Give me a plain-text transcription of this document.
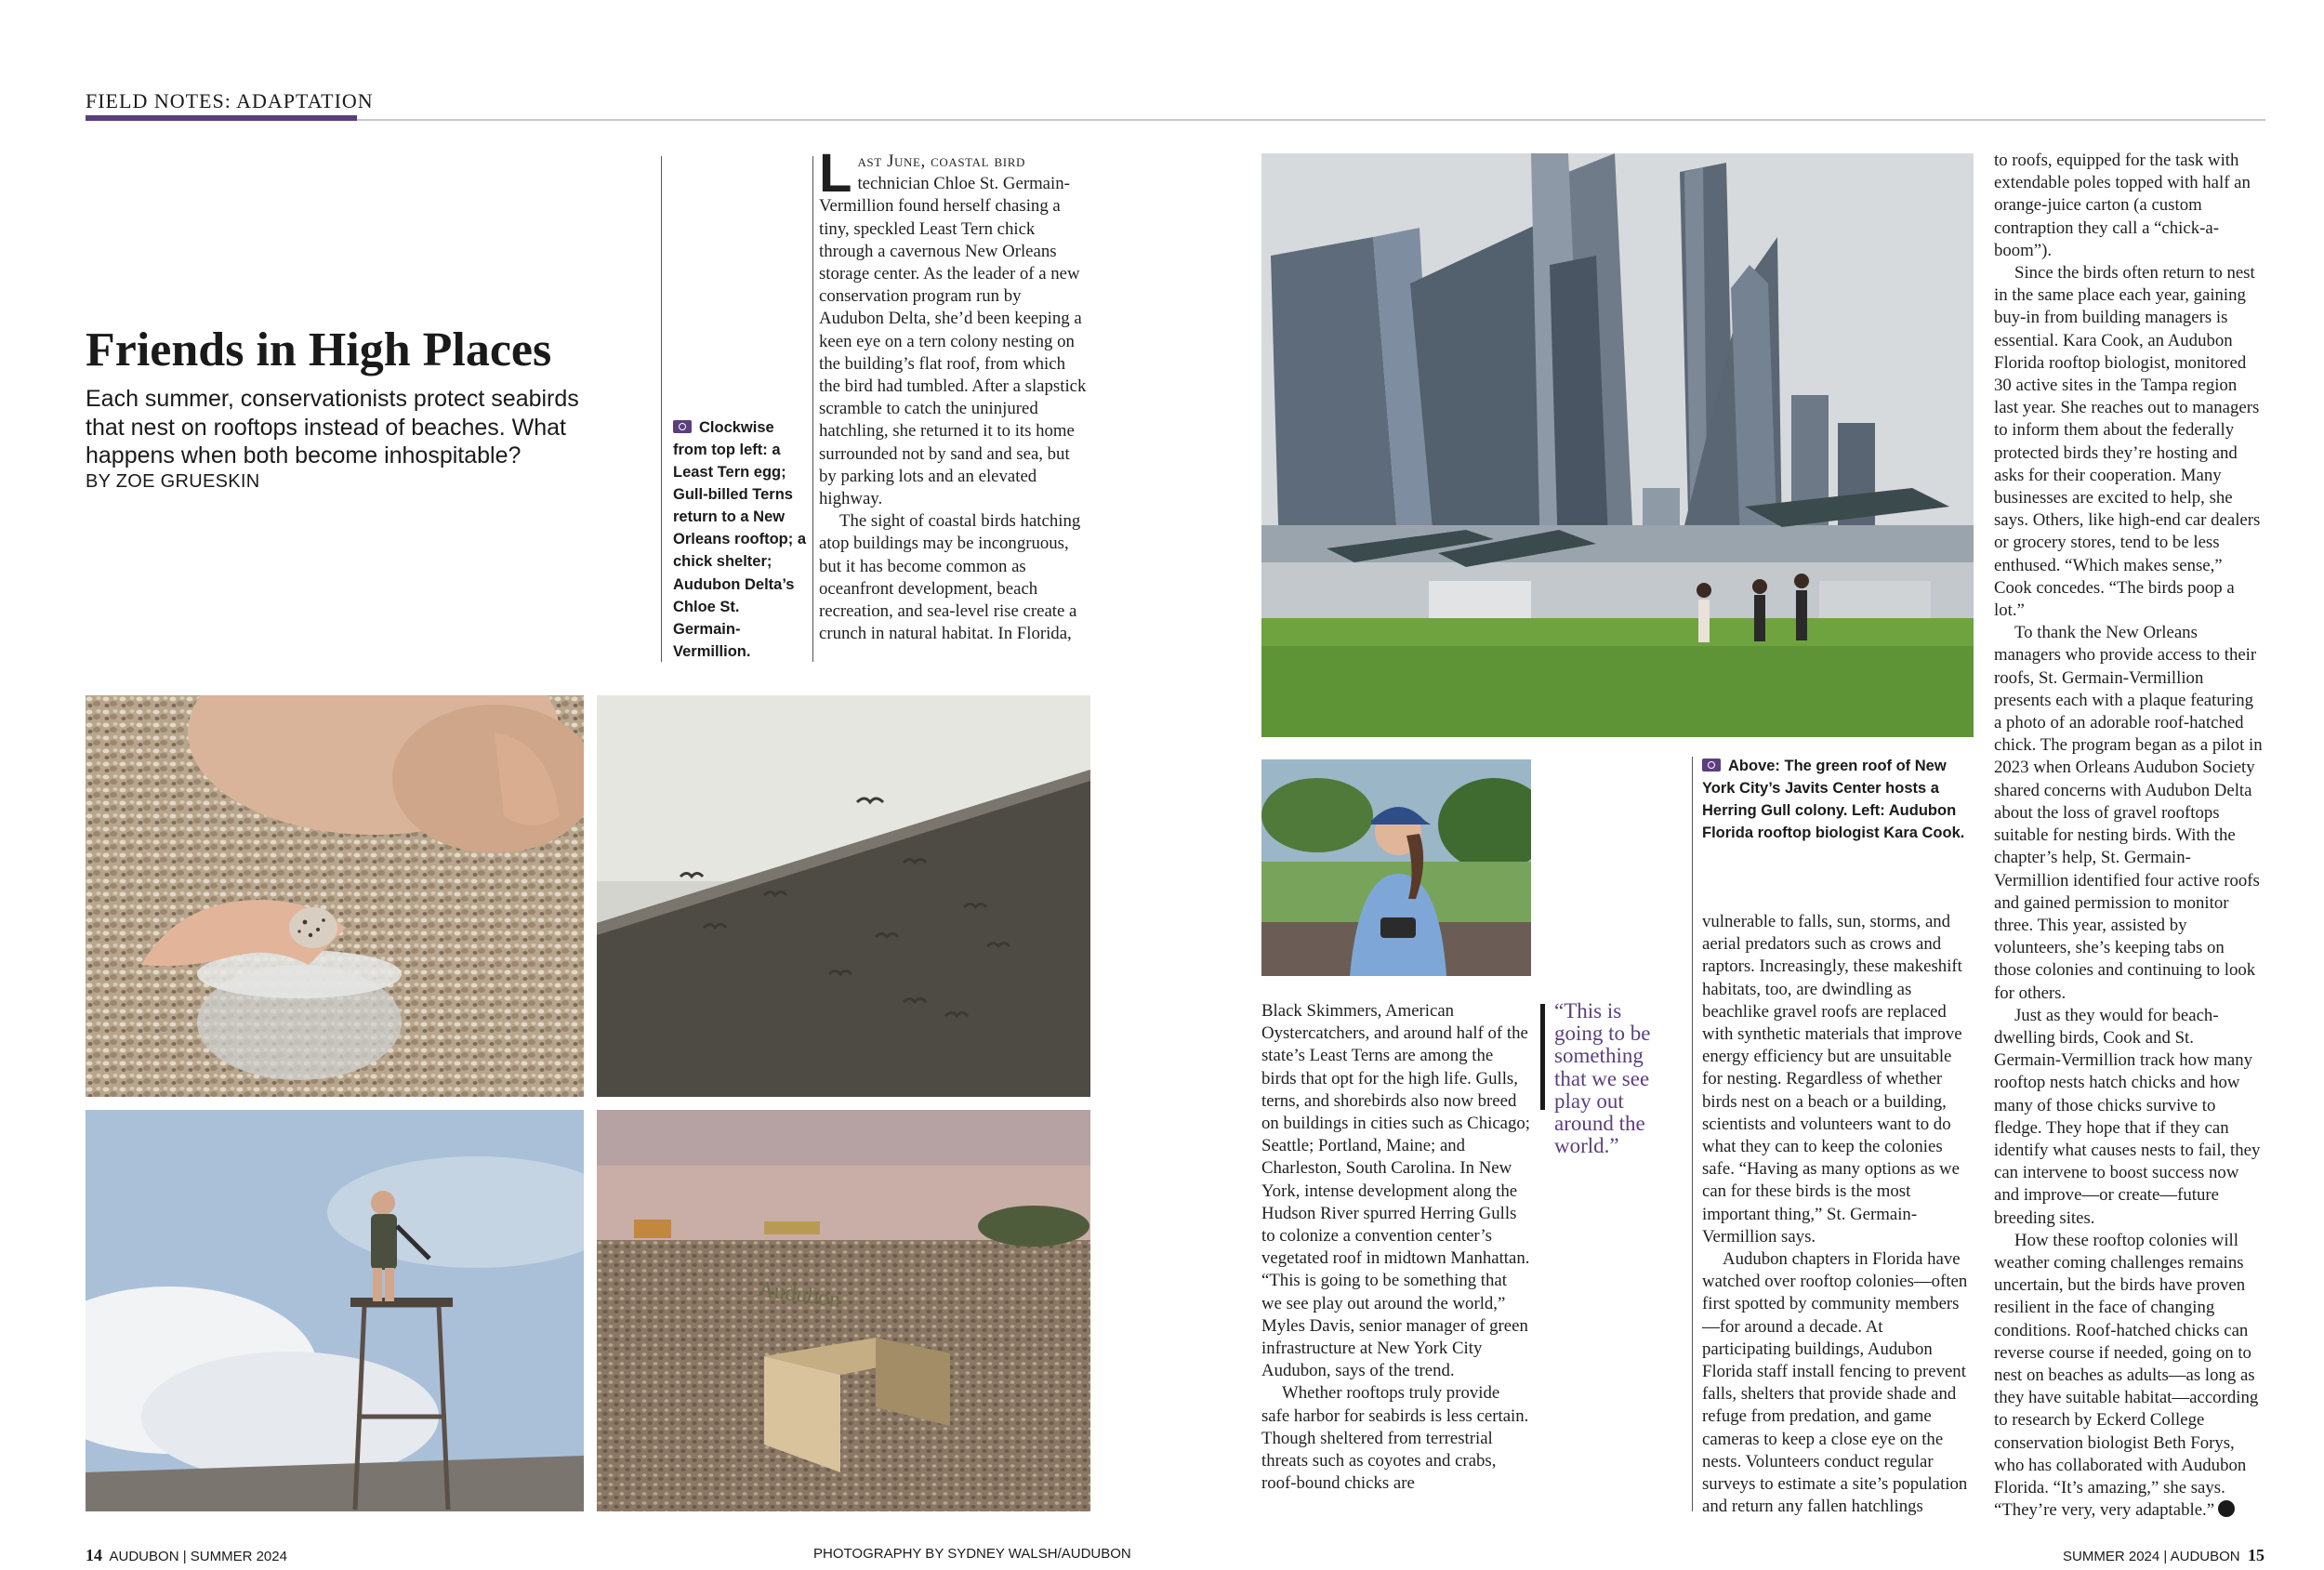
FIELD NOTES: ADAPTATION
Friends in High Places
Each summer, conservationists protect seabirds that nest on rooftops instead of beaches. What happens when both become inhospitable?
BY ZOE GRUESKIN
Clockwise from top left: a Least Tern egg; Gull-billed Terns return to a New Orleans rooftop; a chick shelter; Audubon Delta’s Chloe St. Germain-Vermillion.

Last June, coastal bird technician Chloe St. Germain-Vermillion found herself chasing a tiny, speckled Least Tern chick through a cavernous New Orleans storage center. As the leader of a new conservation program run by Audubon Delta, she’d been keeping a keen eye on a tern colony nesting on the building’s flat roof, from which the bird had tumbled. After a slapstick scramble to catch the uninjured hatchling, she returned it to its home surrounded not by sand and sea, but by parking lots and an elevated highway.

The sight of coastal birds hatching atop buildings may be incongruous, but it has become common as oceanfront development, beach recreation, and sea-level rise create a crunch in natural habitat. In Florida,

Audubon
Above: The green roof of New York City’s Javits Center hosts a Herring Gull colony. Left: Audubon Florida rooftop biologist Kara Cook.

Black Skimmers, American Oystercatchers, and around half of the state’s Least Terns are among the birds that opt for the high life. Gulls, terns, and shorebirds also now breed on buildings in cities such as Chicago; Seattle; Portland, Maine; and Charleston, South Carolina. In New York, intense development along the Hudson River spurred Herring Gulls to colonize a convention center’s vegetated roof in midtown Manhattan. “This is going to be something that we see play out around the world,” Myles Davis, senior manager of green infrastructure at New York City Audubon, says of the trend.

Whether rooftops truly provide safe harbor for seabirds is less certain. Though sheltered from terrestrial threats such as coyotes and crabs, roof-bound chicks are

“This is going to be something that we see play out around the world.”

vulnerable to falls, sun, storms, and aerial predators such as crows and raptors. Increasingly, these makeshift habitats, too, are dwindling as beachlike gravel roofs are replaced with synthetic materials that improve energy efficiency but are unsuitable for nesting. Regardless of whether birds nest on a beach or a building, scientists and volunteers want to do what they can to keep the colonies safe. “Having as many options as we can for these birds is the most important thing,” St. Germain-Vermillion says.

Audubon chapters in Florida have watched over rooftop colonies—often first spotted by community members—for around a decade. At participating buildings, Audubon Florida staff install fencing to prevent falls, shelters that provide shade and refuge from predation, and game cameras to keep a close eye on the nests. Volunteers conduct regular surveys to estimate a site’s population and return any fallen hatchlings

to roofs, equipped for the task with extendable poles topped with half an orange-juice carton (a custom contraption they call a “chick-a-boom”).

Since the birds often return to nest in the same place each year, gaining buy-in from building managers is essential. Kara Cook, an Audubon Florida rooftop biologist, monitored 30 active sites in the Tampa region last year. She reaches out to managers to inform them about the federally protected birds they’re hosting and asks for their cooperation. Many businesses are excited to help, she says. Others, like high-end car dealers or grocery stores, tend to be less enthused. “Which makes sense,” Cook concedes. “The birds poop a lot.”

To thank the New Orleans managers who provide access to their roofs, St. Germain-Vermillion presents each with a plaque featuring a photo of an adorable roof-hatched chick. The program began as a pilot in 2023 when Orleans Audubon Society shared concerns with Audubon Delta about the loss of gravel rooftops suitable for nesting birds. With the chapter’s help, St. Germain-Vermillion identified four active roofs and gained permission to monitor three. This year, assisted by volunteers, she’s keeping tabs on those colonies and continuing to look for others.

Just as they would for beach-dwelling birds, Cook and St. Germain-Vermillion track how many rooftop nests hatch chicks and how many of those chicks survive to fledge. They hope that if they can identify what causes nests to fail, they can intervene to boost success now and improve—or create—future breeding sites.

How these rooftop colonies will weather coming challenges remains uncertain, but the birds have proven resilient in the face of changing conditions. Roof-hatched chicks can reverse course if needed, going on to nest on beaches as adults—as long as they have suitable habitat—according to research by Eckerd College conservation biologist Beth Forys, who has collaborated with Audubon Florida. “It’s amazing,” she says. “They’re very, very adaptable.”

14 AUDUBON | SUMMER 2024	PHOTOGRAPHY BY SYDNEY WALSH/AUDUBON	SUMMER 2024 | AUDUBON 15
